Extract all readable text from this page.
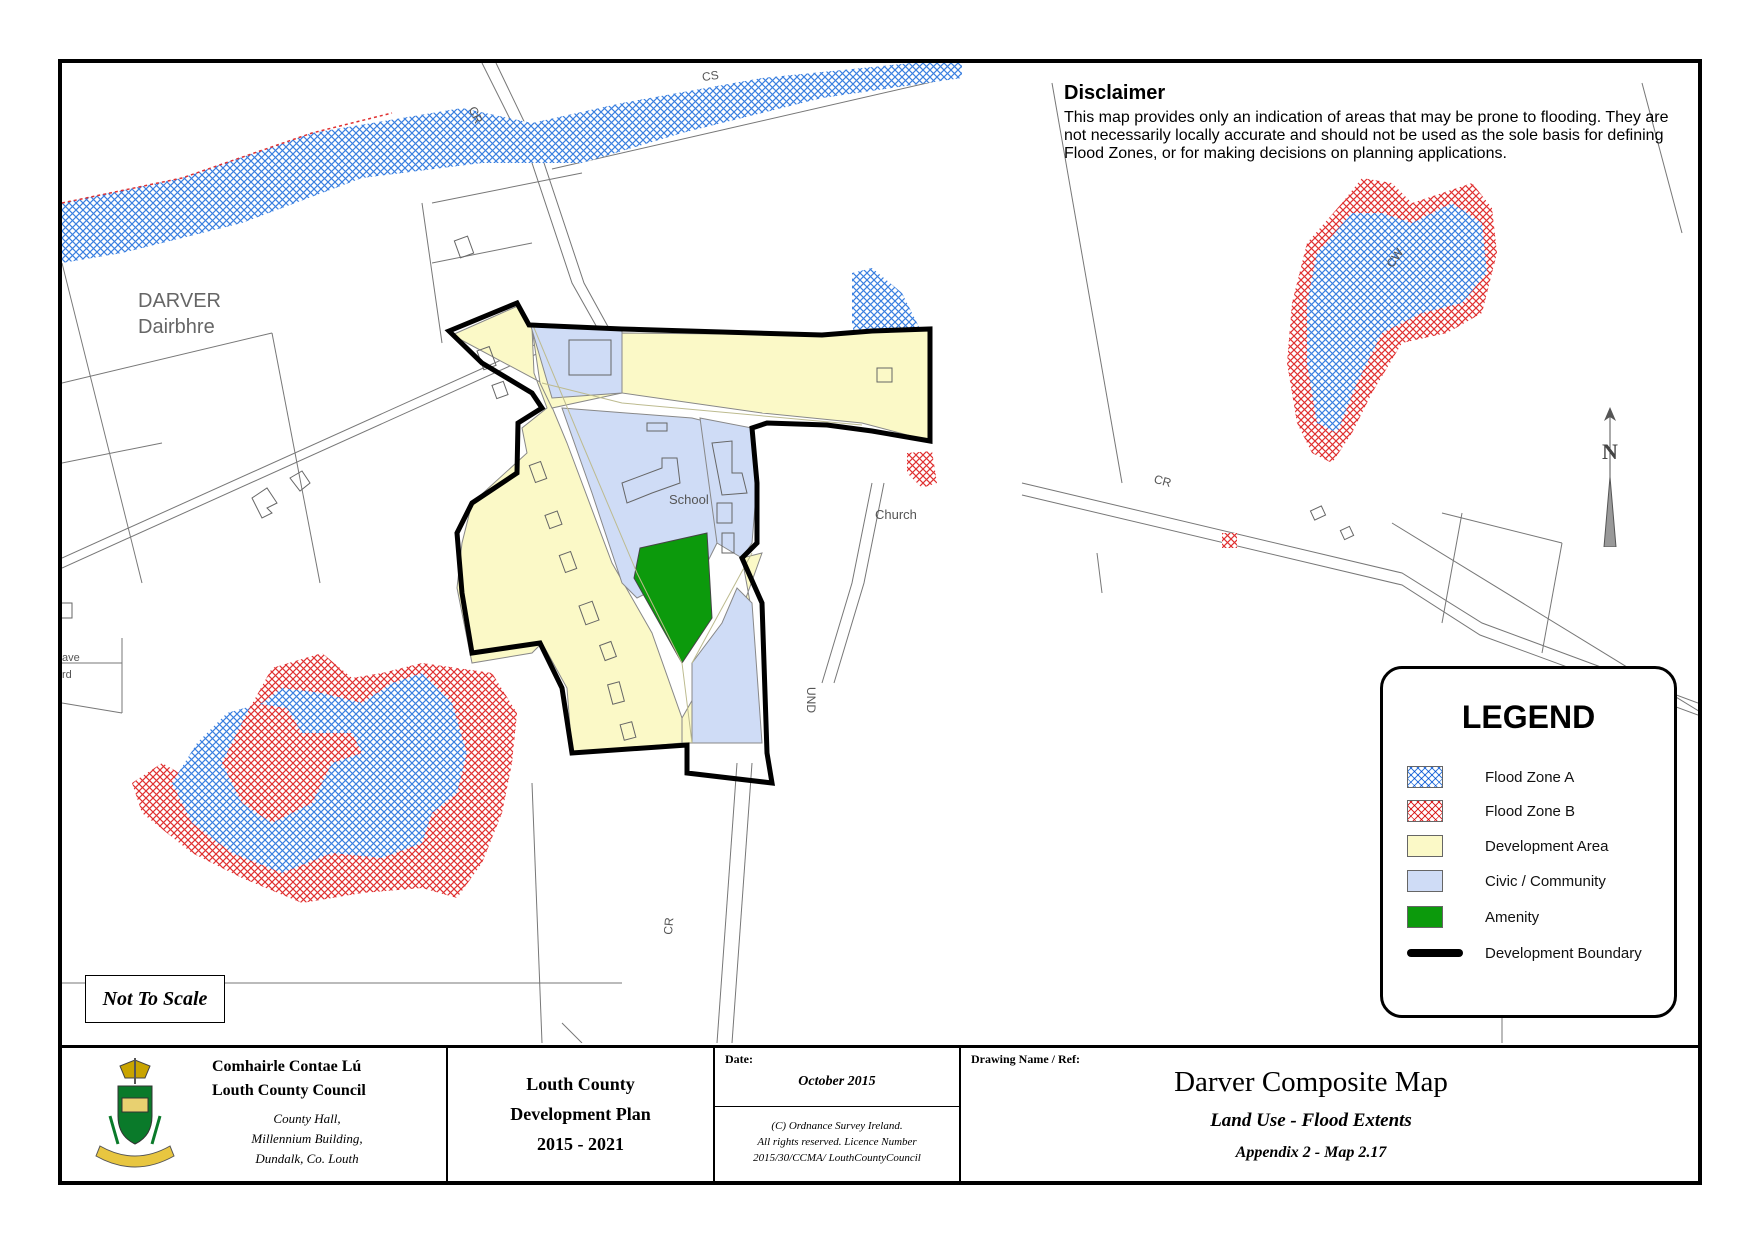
DARVER
Dairbhre
CS
CR
CR
CR
CW
UND
School
Church
ave
rd
N
Disclaimer
This map provides only an indication of areas that may be prone to flooding. They are not necessarily locally accurate and should not be used as the sole basis for defining Flood Zones, or for making decisions on planning applications.
Not To Scale
LEGEND
Flood Zone A
Flood Zone B
Development Area
Civic / Community
Amenity
Development Boundary
Comhairle Contae Lú
Louth County Council
County Hall,
Millennium Building,
Dundalk, Co. Louth
Louth County
Development Plan
2015 - 2021
Date:
October 2015
(C) Ordnance Survey Ireland.
All rights reserved. Licence Number
2015/30/CCMA/ LouthCountyCouncil
Drawing Name / Ref:
Darver Composite Map
Land Use - Flood Extents
Appendix 2 - Map 2.17
